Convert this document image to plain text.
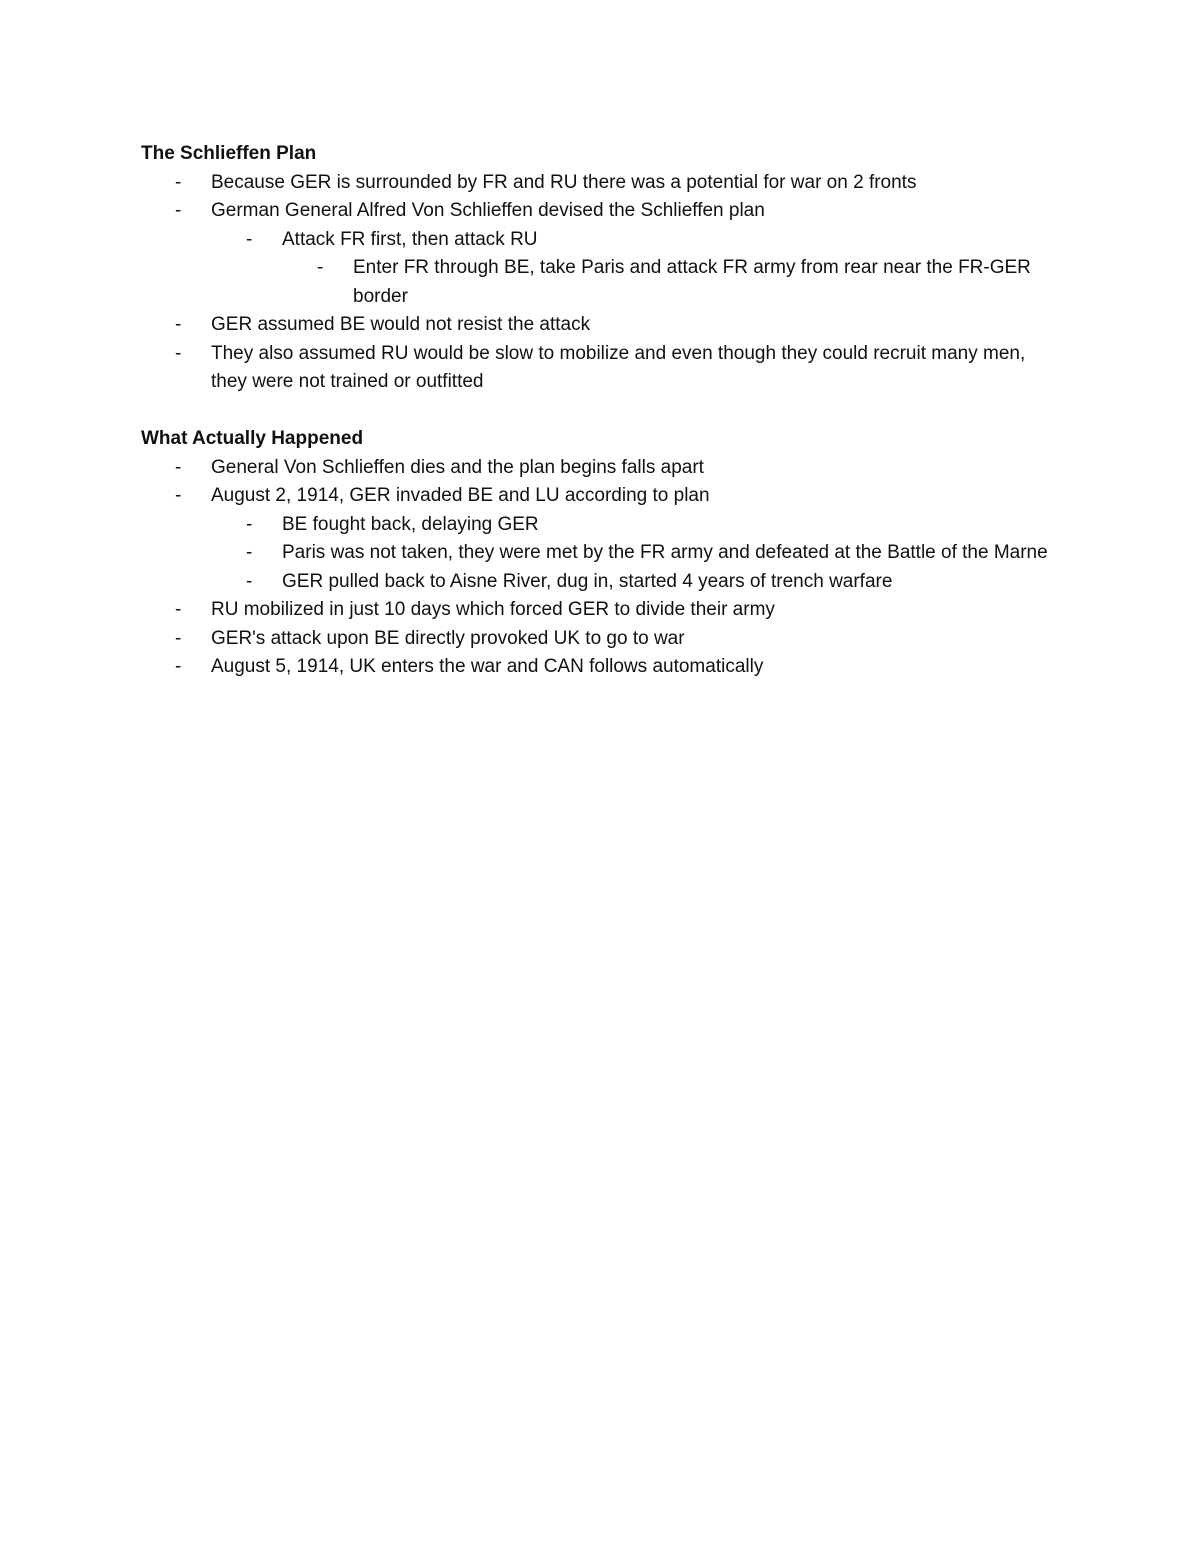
The Schlieffen Plan

-	Because GER is surrounded by FR and RU there was a potential for war on 2 fronts
-	German General Alfred Von Schlieffen devised the Schlieffen plan
-	Attack FR first, then attack RU
-	Enter FR through BE, take Paris and attack FR army from rear near the FR-GER border
-	GER assumed BE would not resist the attack
-	They also assumed RU would be slow to mobilize and even though they could recruit many men, they were not trained or outfitted

What Actually Happened

-	General Von Schlieffen dies and the plan begins falls apart
-	August 2, 1914, GER invaded BE and LU according to plan
-	BE fought back, delaying GER
-	Paris was not taken, they were met by the FR army and defeated at the Battle of the Marne
-	GER pulled back to Aisne River, dug in, started 4 years of trench warfare
-	RU mobilized in just 10 days which forced GER to divide their army
-	GER's attack upon BE directly provoked UK to go to war
-	August 5, 1914, UK enters the war and CAN follows automatically
